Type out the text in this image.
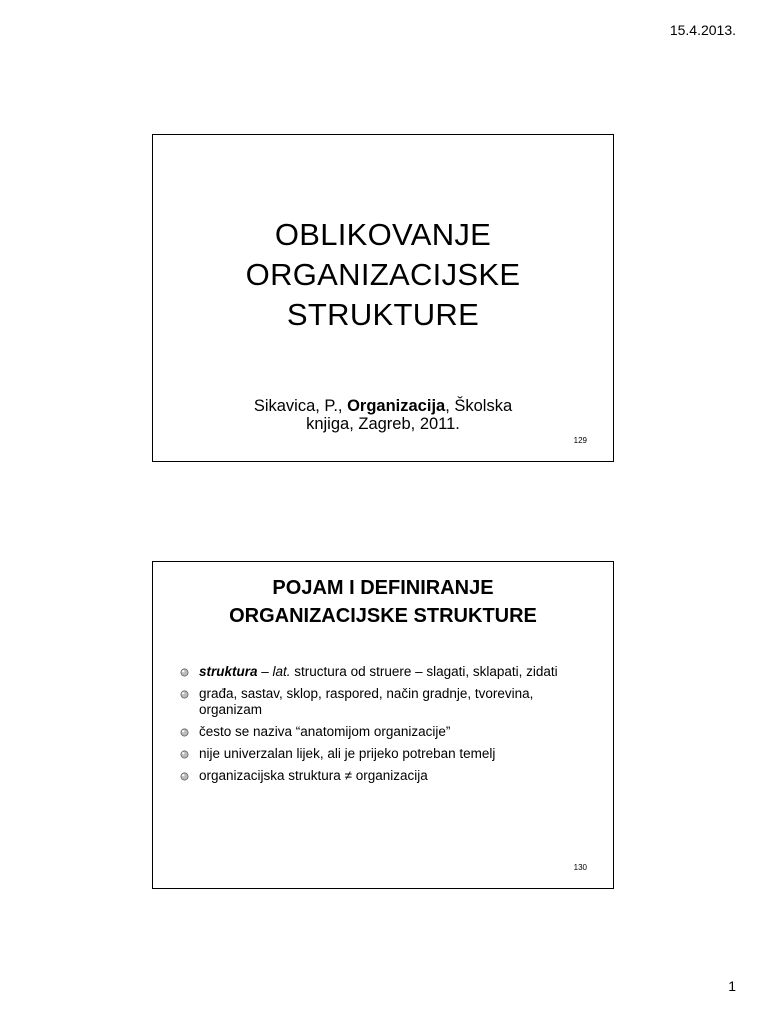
15.4.2013.
OBLIKOVANJE
ORGANIZACIJSKE
STRUKTURE
Sikavica, P., Organizacija, Školska
knjiga, Zagreb, 2011.
129
POJAM I DEFINIRANJE
ORGANIZACIJSKE STRUKTURE
struktura – lat. structura od struere – slagati, sklapati, zidati
građa, sastav, sklop, raspored, način gradnje, tvorevina, organizam
često se naziva “anatomijom organizacije”
nije univerzalan lijek, ali je prijeko potreban temelj
organizacijska struktura ≠ organizacija
130
1
